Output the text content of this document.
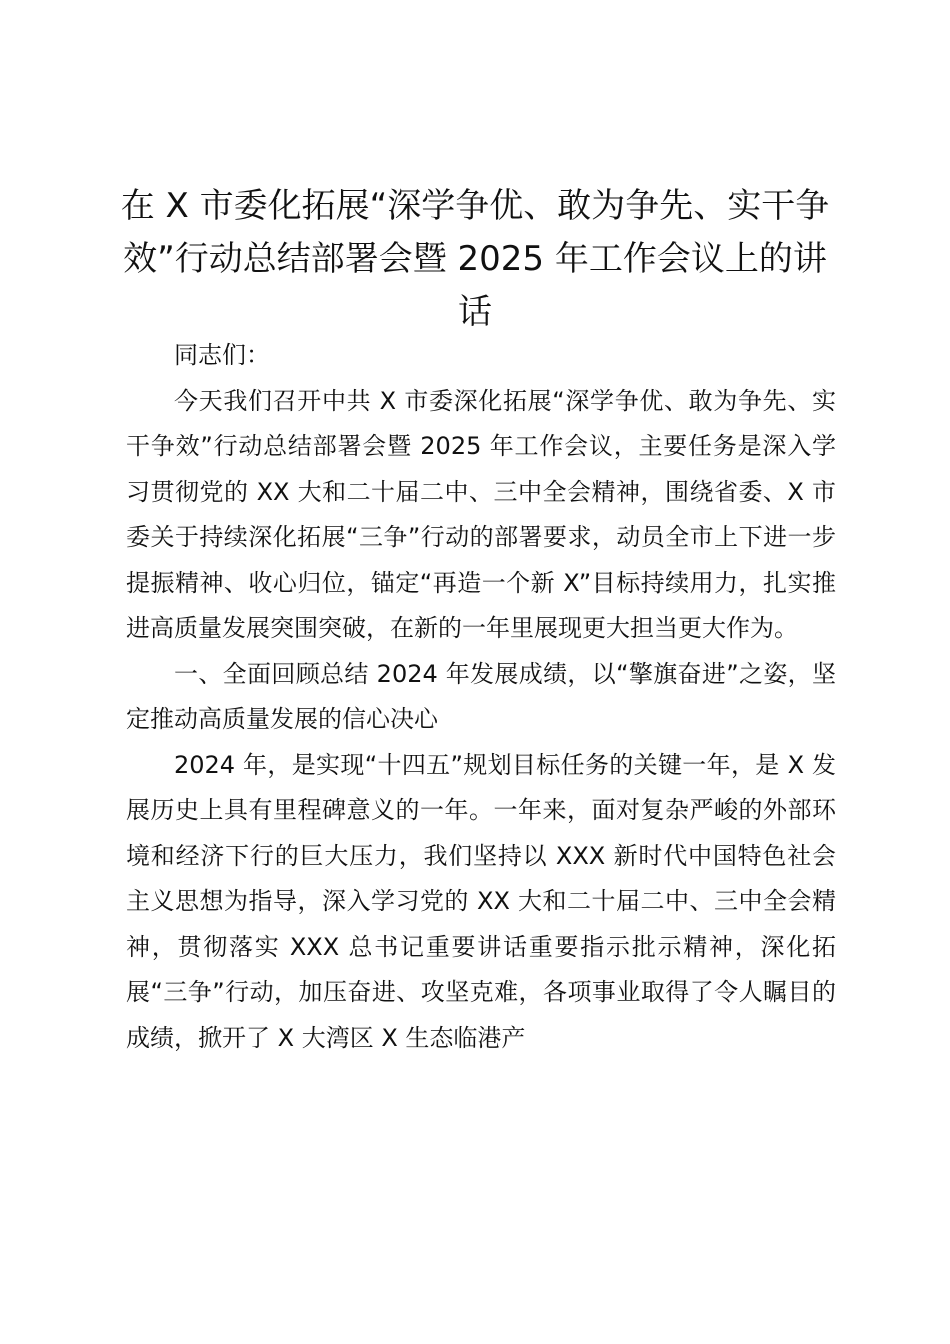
在 X 市委化拓展“深学争优、敢为争先、实干争效”行动总结部署会暨 2025 年工作会议上的讲话

同志们：

今天我们召开中共 X 市委深化拓展“深学争优、敢为争先、实干争效”行动总结部署会暨 2025 年工作会议，主要任务是深入学习贯彻党的 XX 大和二十届二中、三中全会精神，围绕省委、X 市委关于持续深化拓展“三争”行动的部署要求，动员全市上下进一步提振精神、收心归位，锚定“再造一个新 X”目标持续用力，扎实推进高质量发展突围突破，在新的一年里展现更大担当更大作为。

一、全面回顾总结 2024 年发展成绩，以“擎旗奋进”之姿，坚定推动高质量发展的信心决心

2024 年，是实现“十四五”规划目标任务的关键一年，是 X 发展历史上具有里程碑意义的一年。一年来，面对复杂严峻的外部环境和经济下行的巨大压力，我们坚持以 XXX 新时代中国特色社会主义思想为指导，深入学习党的 XX 大和二十届二中、三中全会精神，贯彻落实 XXX 总书记重要讲话重要指示批示精神，深化拓展“三争”行动，加压奋进、攻坚克难，各项事业取得了令人瞩目的成绩，掀开了 X 大湾区 X 生态临港产
